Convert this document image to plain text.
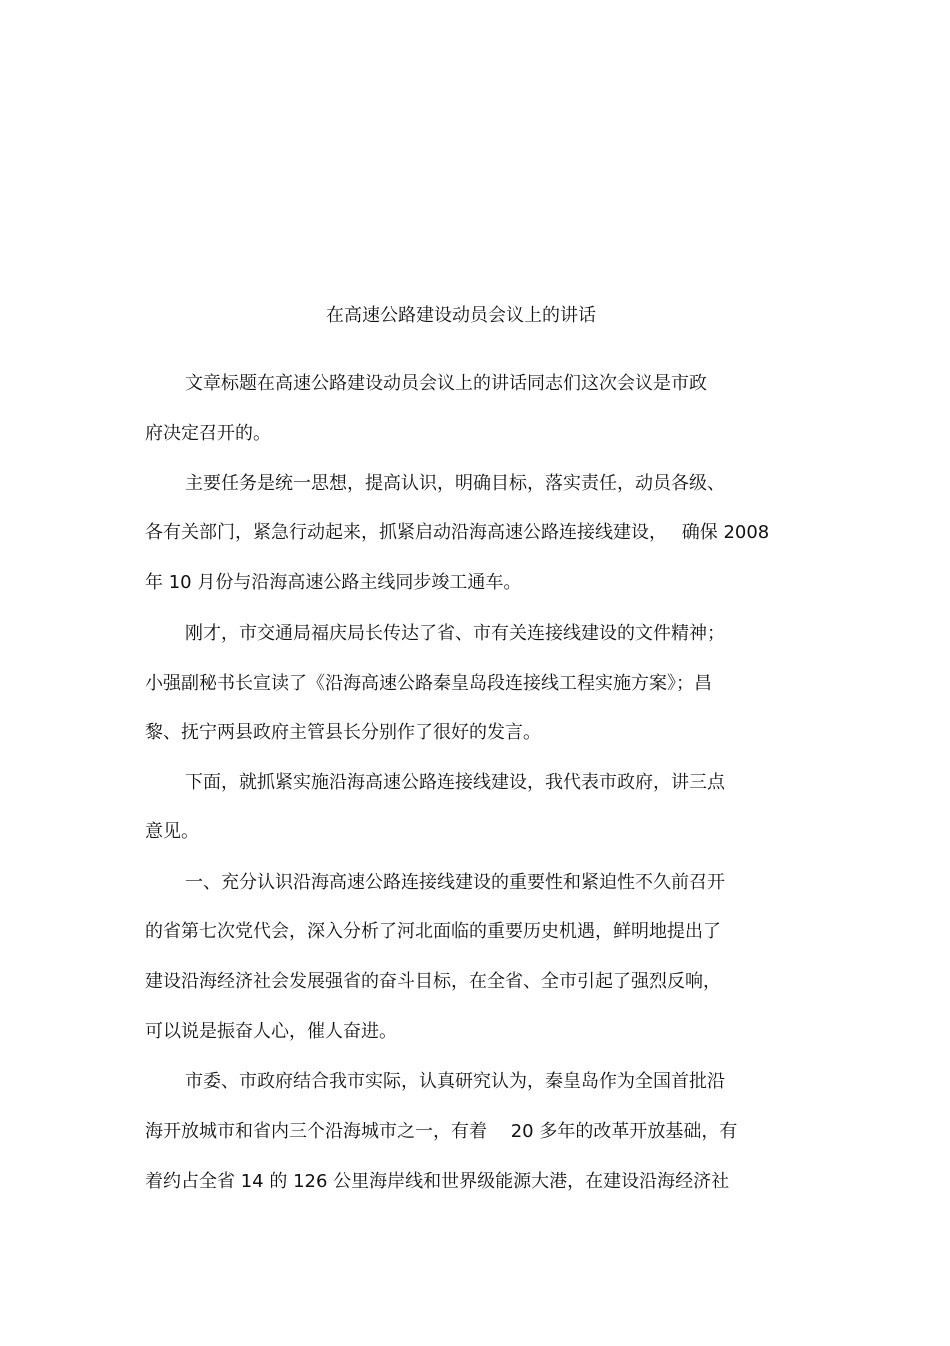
在高速公路建设动员会议上的讲话
文章标题在高速公路建设动员会议上的讲话同志们这次会议是市政
府决定召开的。
主要任务是统一思想，提高认识，明确目标，落实责任，动员各级、
各有关部门，紧急行动起来，抓紧启动沿海高速公路连接线建设，　 确保 2008
年 10 月份与沿海高速公路主线同步竣工通车。
刚才，市交通局福庆局长传达了省、市有关连接线建设的文件精神；
小强副秘书长宣读了《沿海高速公路秦皇岛段连接线工程实施方案》；昌
黎、抚宁两县政府主管县长分别作了很好的发言。
下面，就抓紧实施沿海高速公路连接线建设，我代表市政府，讲三点
意见。
一、充分认识沿海高速公路连接线建设的重要性和紧迫性不久前召开
的省第七次党代会，深入分析了河北面临的重要历史机遇，鲜明地提出了
建设沿海经济社会发展强省的奋斗目标，在全省、全市引起了强烈反响，
可以说是振奋人心，催人奋进。
市委、市政府结合我市实际，认真研究认为，秦皇岛作为全国首批沿
海开放城市和省内三个沿海城市之一，有着　 20 多年的改革开放基础，有
着约占全省 14 的 126 公里海岸线和世界级能源大港，在建设沿海经济社
